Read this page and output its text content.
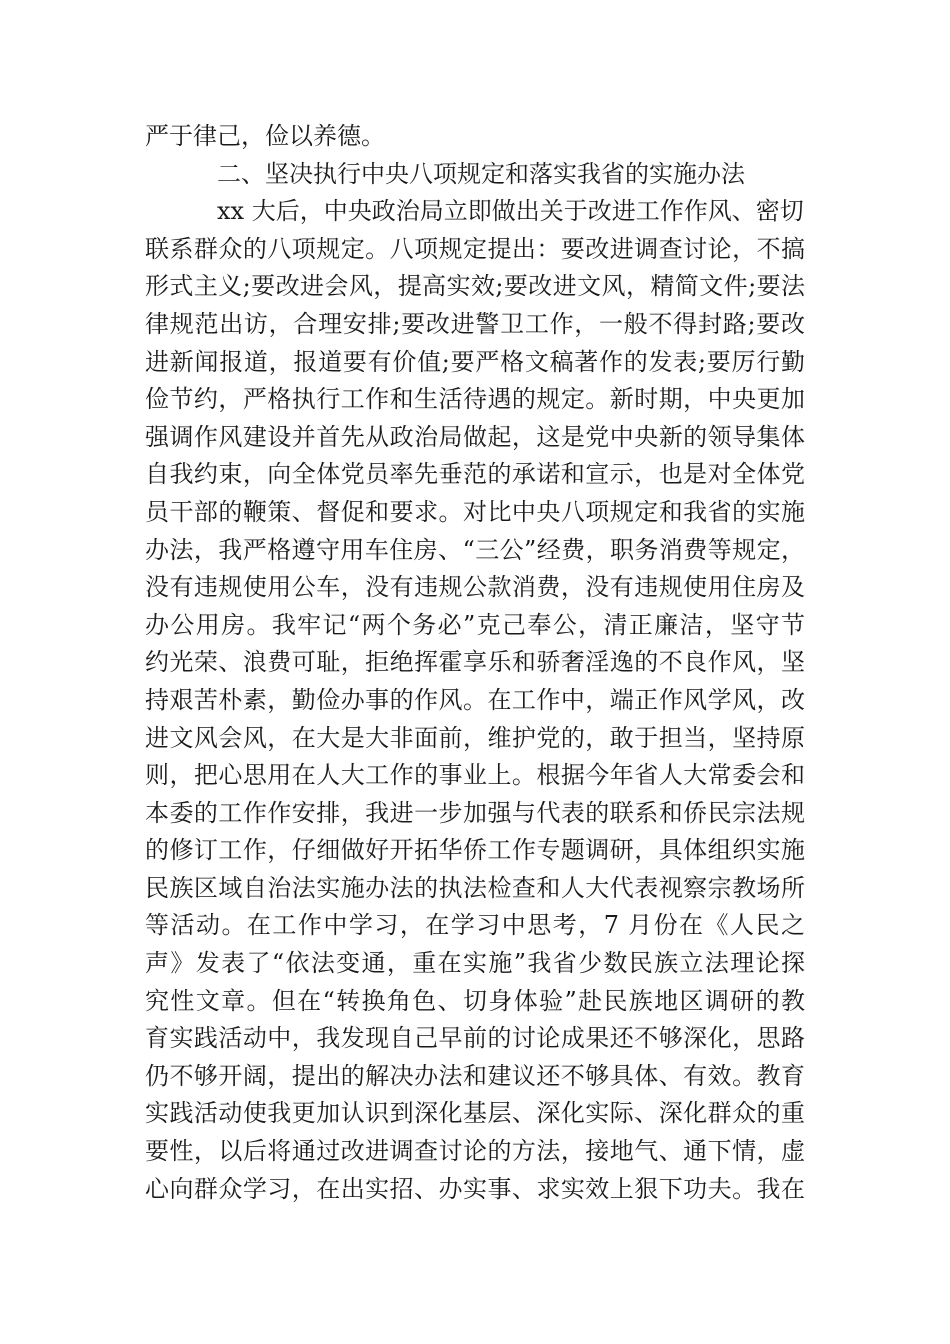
严于律己，俭以养德。
二、坚决执行中央八项规定和落实我省的实施办法
xx 大后，中央政治局立即做出关于改进工作作风、密切
联系群众的八项规定。八项规定提出：要改进调查讨论，不搞
形式主义;要改进会风，提高实效;要改进文风，精简文件;要法
律规范出访，合理安排;要改进警卫工作，一般不得封路;要改
进新闻报道，报道要有价值;要严格文稿著作的发表;要厉行勤
俭节约，严格执行工作和生活待遇的规定。新时期，中央更加
强调作风建设并首先从政治局做起，这是党中央新的领导集体
自我约束，向全体党员率先垂范的承诺和宣示，也是对全体党
员干部的鞭策、督促和要求。对比中央八项规定和我省的实施
办法，我严格遵守用车住房、“三公”经费，职务消费等规定，
没有违规使用公车，没有违规公款消费，没有违规使用住房及
办公用房。我牢记“两个务必”克己奉公，清正廉洁，坚守节
约光荣、浪费可耻，拒绝挥霍享乐和骄奢淫逸的不良作风，坚
持艰苦朴素，勤俭办事的作风。在工作中，端正作风学风，改
进文风会风，在大是大非面前，维护党的，敢于担当，坚持原
则，把心思用在人大工作的事业上。根据今年省人大常委会和
本委的工作作安排，我进一步加强与代表的联系和侨民宗法规
的修订工作，仔细做好开拓华侨工作专题调研，具体组织实施
民族区域自治法实施办法的执法检查和人大代表视察宗教场所
等活动。在工作中学习，在学习中思考，7 月份在《人民之
声》发表了“依法变通，重在实施”我省少数民族立法理论探
究性文章。但在“转换角色、切身体验”赴民族地区调研的教
育实践活动中，我发现自己早前的讨论成果还不够深化，思路
仍不够开阔，提出的解决办法和建议还不够具体、有效。教育
实践活动使我更加认识到深化基层、深化实际、深化群众的重
要性，以后将通过改进调查讨论的方法，接地气、通下情，虚
心向群众学习，在出实招、办实事、求实效上狠下功夫。我在
